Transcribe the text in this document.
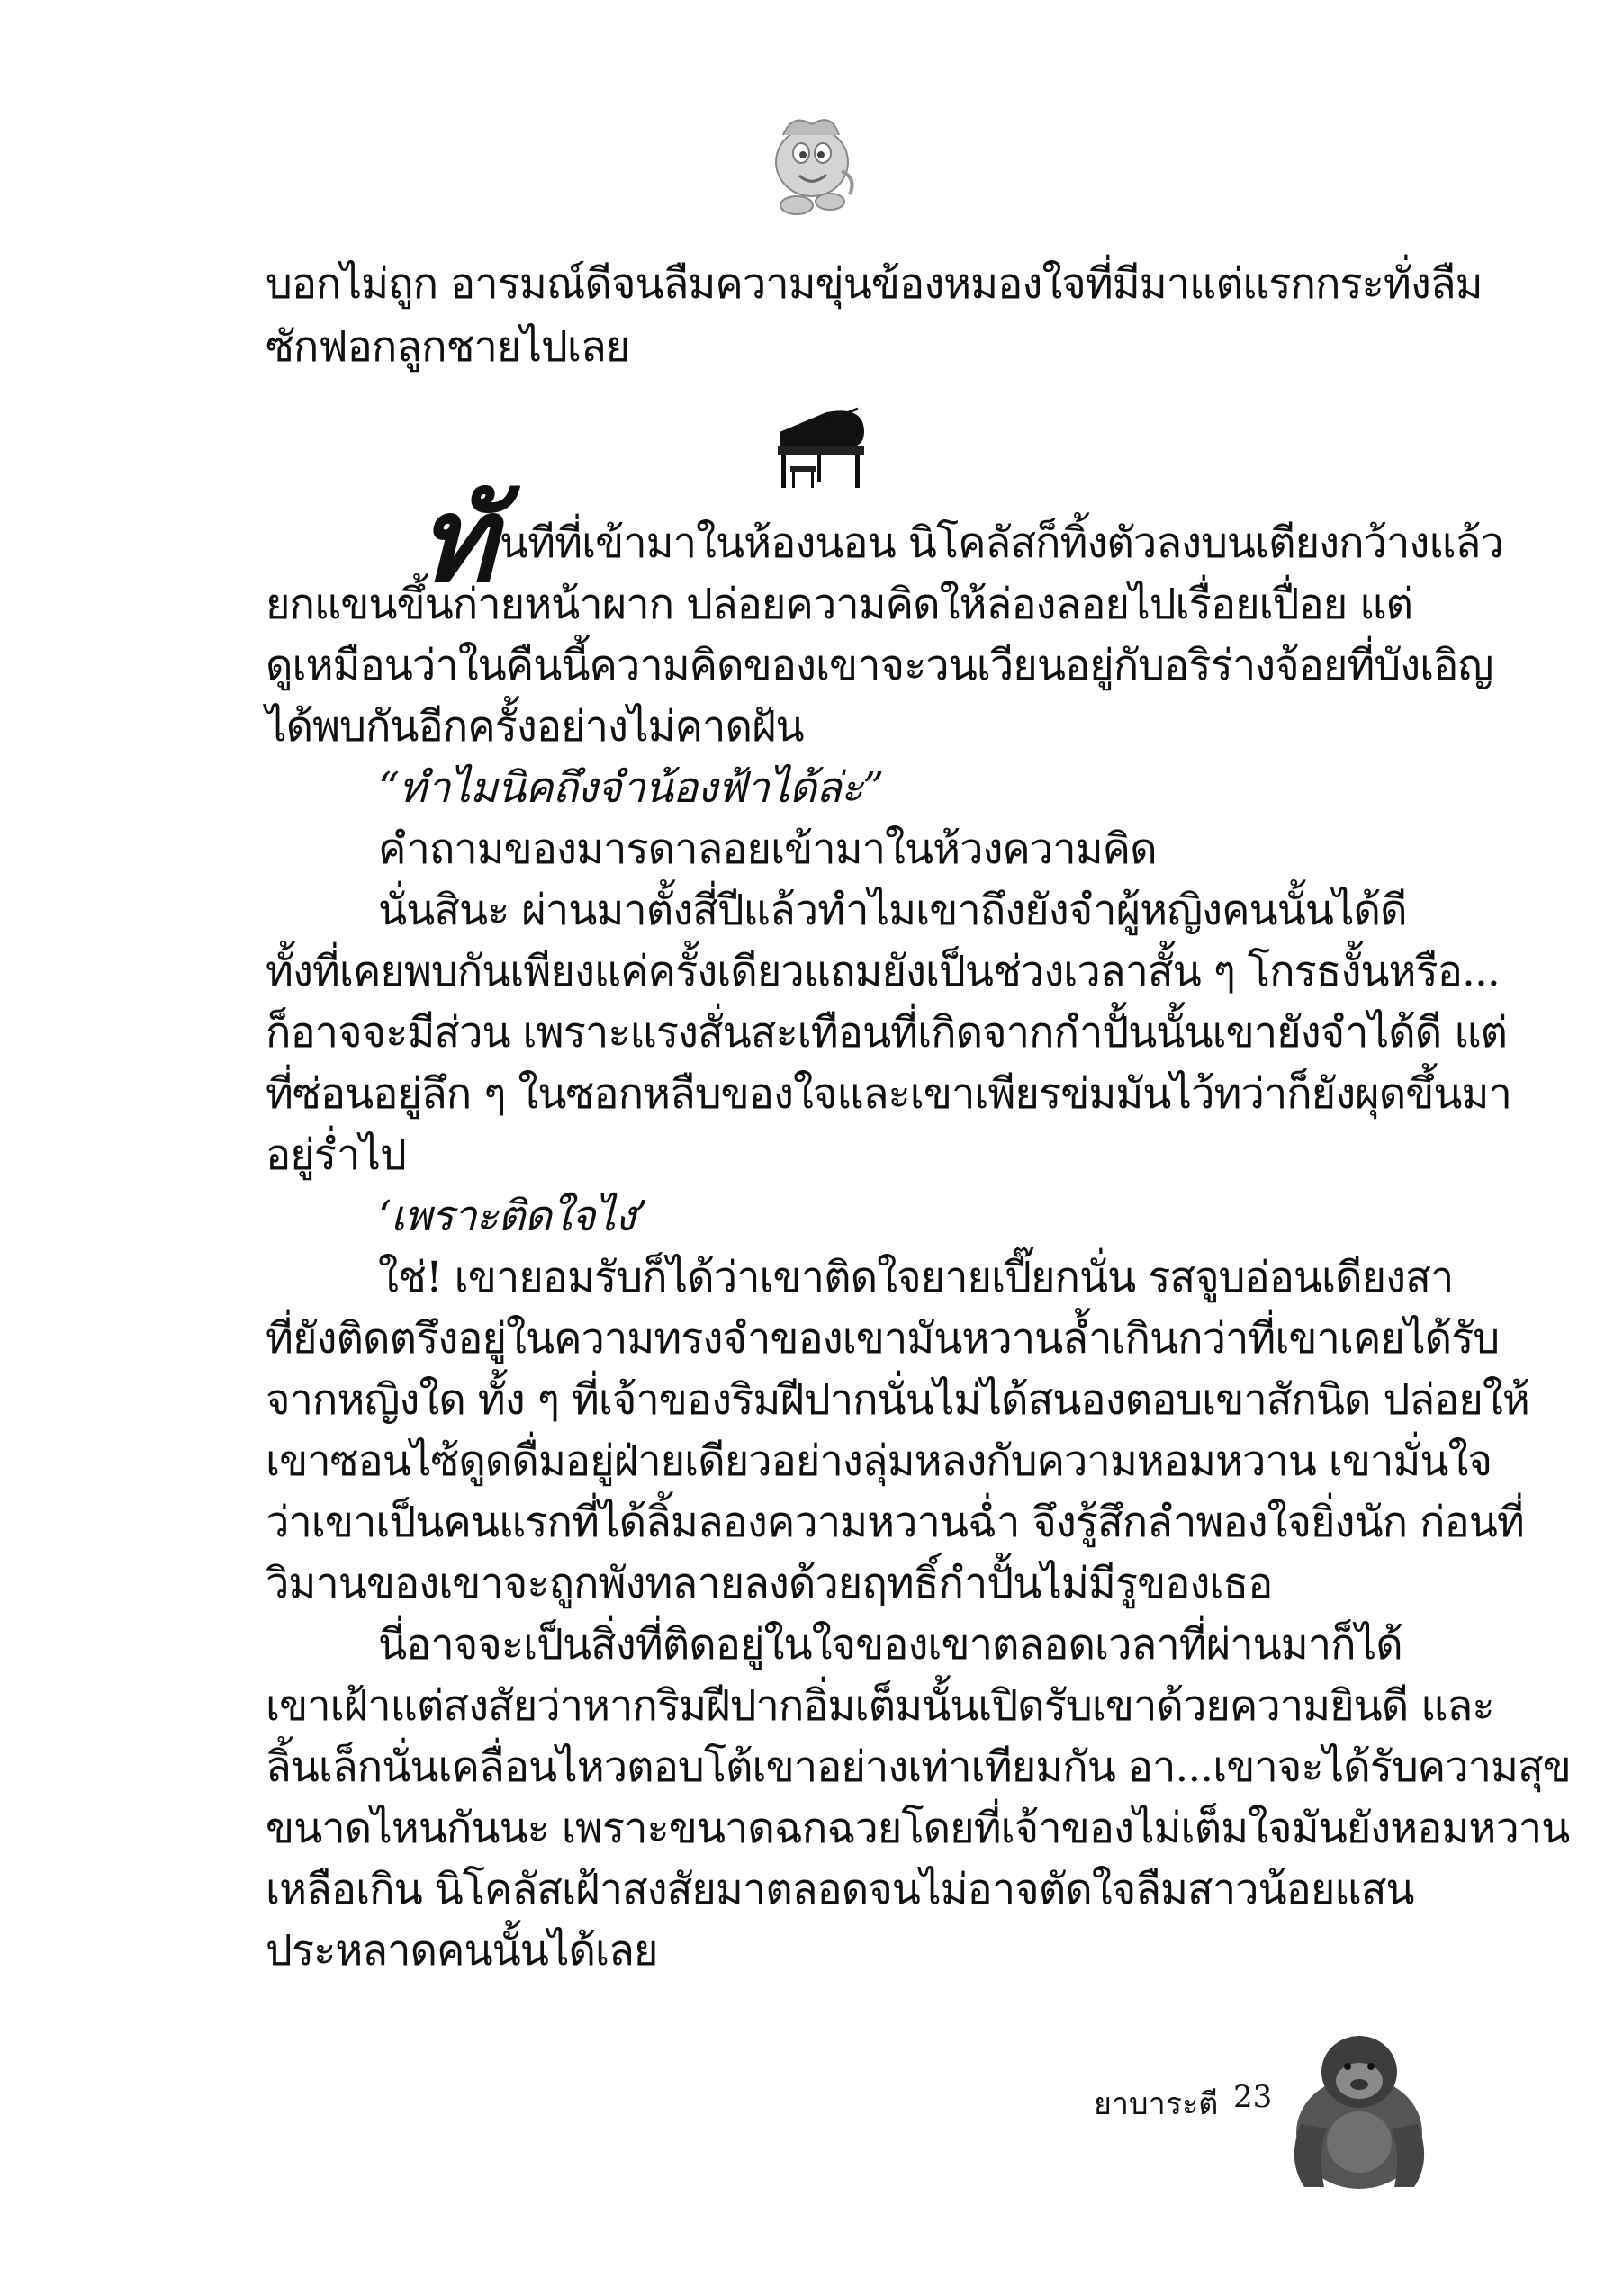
บอกไม่ถูก อารมณ์ดีจนลืมความขุ่นข้องหมองใจที่มีมาแต่แรกกระทั่งลืม
ซักฟอกลูกชายไปเลย
ทั นทีที่เข้ามาในห้องนอน นิโคลัสก็ทิ้งตัวลงบนเตียงกว้างแล้ว
ยกแขนขึ้นก่ายหน้าผาก ปล่อยความคิดให้ล่องลอยไปเรื่อยเปื่อย แต่
ดูเหมือนว่าในคืนนี้ความคิดของเขาจะวนเวียนอยู่กับอริร่างจ้อยที่บังเอิญ
ได้พบกันอีกครั้งอย่างไม่คาดฝัน
“ทำไมนิคถึงจำน้องฟ้าได้ล่ะ”
คำถามของมารดาลอยเข้ามาในห้วงความคิด
นั่นสินะ ผ่านมาตั้งสี่ปีแล้วทำไมเขาถึงยังจำผู้หญิงคนนั้นได้ดี
ทั้งที่เคยพบกันเพียงแค่ครั้งเดียวแถมยังเป็นช่วงเวลาสั้น ๆ โกรธงั้นหรือ...
ก็อาจจะมีส่วน เพราะแรงสั่นสะเทือนที่เกิดจากกำปั้นนั้นเขายังจำได้ดี แต่
ที่ซ่อนอยู่ลึก ๆ ในซอกหลืบของใจและเขาเพียรข่มมันไว้ทว่าก็ยังผุดขึ้นมา
อยู่ร่ำไป
‘เพราะติดใจไง’
ใช่! เขายอมรับก็ได้ว่าเขาติดใจยายเปี๊ยกนั่น รสจูบอ่อนเดียงสา
ที่ยังติดตรึงอยู่ในความทรงจำของเขามันหวานล้ำเกินกว่าที่เขาเคยได้รับ
จากหญิงใด ทั้ง ๆ ที่เจ้าของริมฝีปากนั่นไม่ได้สนองตอบเขาสักนิด ปล่อยให้
เขาซอนไซ้ดูดดื่มอยู่ฝ่ายเดียวอย่างลุ่มหลงกับความหอมหวาน เขามั่นใจ
ว่าเขาเป็นคนแรกที่ได้ลิ้มลองความหวานฉ่ำ จึงรู้สึกลำพองใจยิ่งนัก ก่อนที่
วิมานของเขาจะถูกพังทลายลงด้วยฤทธิ์กำปั้นไม่มีรูของเธอ
นี่อาจจะเป็นสิ่งที่ติดอยู่ในใจของเขาตลอดเวลาที่ผ่านมาก็ได้
เขาเฝ้าแต่สงสัยว่าหากริมฝีปากอิ่มเต็มนั้นเปิดรับเขาด้วยความยินดี และ
ลิ้นเล็กนั่นเคลื่อนไหวตอบโต้เขาอย่างเท่าเทียมกัน อา...เขาจะได้รับความสุข
ขนาดไหนกันนะ เพราะขนาดฉกฉวยโดยที่เจ้าของไม่เต็มใจมันยังหอมหวาน
เหลือเกิน นิโคลัสเฝ้าสงสัยมาตลอดจนไม่อาจตัดใจลืมสาวน้อยแสน
ประหลาดคนนั้นได้เลย
ยาบาระตี 23
